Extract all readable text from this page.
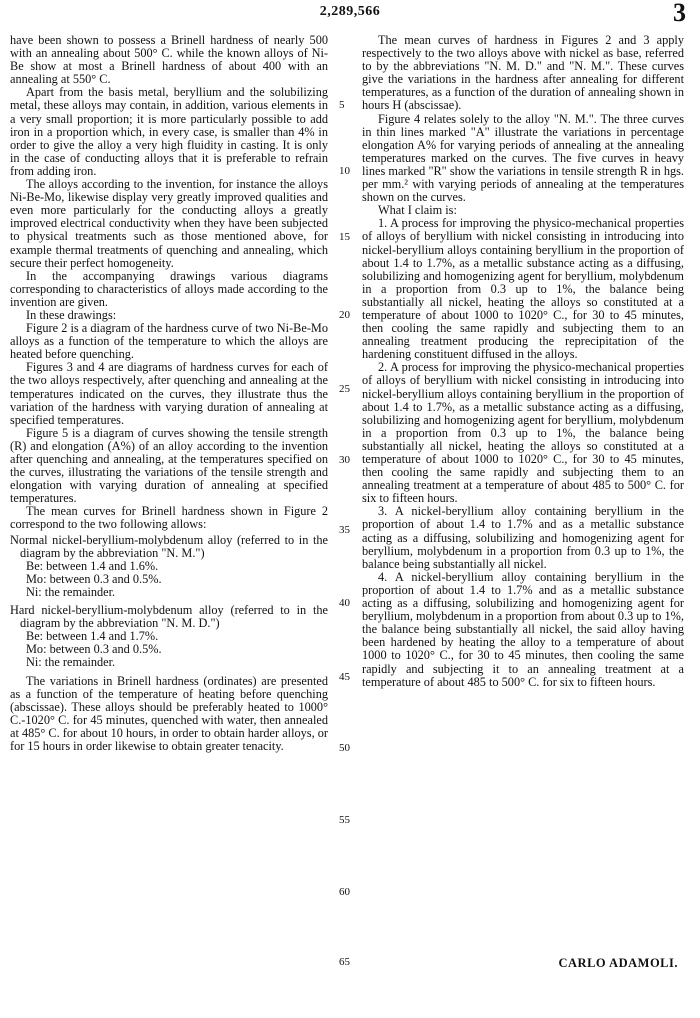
2,289,566	3

have been shown to possess a Brinell hardness of nearly 500 with an annealing about 500° C. while the known alloys of Ni-Be show at most a Brinell hardness of about 400 with an annealing at 550° C.

Apart from the basis metal, beryllium and the solubilizing metal, these alloys may contain, in addition, various elements in a very small proportion; it is more particularly possible to add iron in a proportion which, in every case, is smaller than 4% in order to give the alloy a very high fluidity in casting. It is only in the case of conducting alloys that it is preferable to refrain from adding iron.

The alloys according to the invention, for instance the alloys Ni-Be-Mo, likewise display very greatly improved qualities and even more particularly for the conducting alloys a greatly improved electrical conductivity when they have been subjected to physical treatments such as those mentioned above, for example thermal treatments of quenching and annealing, which secure their perfect homogeneity.

In the accompanying drawings various diagrams corresponding to characteristics of alloys made according to the invention are given.

In these drawings:

Figure 2 is a diagram of the hardness curve of two Ni-Be-Mo alloys as a function of the temperature to which the alloys are heated before quenching.

Figures 3 and 4 are diagrams of hardness curves for each of the two alloys respectively, after quenching and annealing at the temperatures indicated on the curves, they illustrate thus the variation of the hardness with varying duration of annealing at specified temperatures.

Figure 5 is a diagram of curves showing the tensile strength (R) and elongation (A%) of an alloy according to the invention after quenching and annealing, at the temperatures specified on the curves, illustrating the variations of the tensile strength and elongation with varying duration of annealing at specified temperatures.

The mean curves for Brinell hardness shown in Figure 2 correspond to the two following allows:

Normal nickel-beryllium-molybdenum alloy (referred to in the diagram by the abbreviation "N. M.")

Be: between 1.4 and 1.6%.

Mo: between 0.3 and 0.5%.

Ni: the remainder.

Hard nickel-beryllium-molybdenum alloy (referred to in the diagram by the abbreviation "N. M. D.")

Be: between 1.4 and 1.7%.

Mo: between 0.3 and 0.5%.

Ni: the remainder.

The variations in Brinell hardness (ordinates) are presented as a function of the temperature of heating before quenching (abscissae). These alloys should be preferably heated to 1000° C.-1020° C. for 45 minutes, quenched with water, then annealed at 485° C. for about 10 hours, in order to obtain harder alloys, or for 15 hours in order likewise to obtain greater tenacity.

5
10
15
20
25
30
35
40
45
50
55
60
65

The mean curves of hardness in Figures 2 and 3 apply respectively to the two alloys above with nickel as base, referred to by the abbreviations "N. M. D." and "N. M.". These curves give the variations in the hardness after annealing for different temperatures, as a function of the duration of annealing shown in hours H (abscissae).

Figure 4 relates solely to the alloy "N. M.". The three curves in thin lines marked "A" illustrate the variations in percentage elongation A% for varying periods of annealing at the annealing temperatures marked on the curves. The five curves in heavy lines marked "R" show the variations in tensile strength R in hgs. per mm.² with varying periods of annealing at the temperatures shown on the curves.

What I claim is:

1. A process for improving the physico-mechanical properties of alloys of beryllium with nickel consisting in introducing into nickel-beryllium alloys containing beryllium in the proportion of about 1.4 to 1.7%, as a metallic substance acting as a diffusing, solubilizing and homogenizing agent for beryllium, molybdenum in a proportion from 0.3 up to 1%, the balance being substantially all nickel, heating the alloys so constituted at a temperature of about 1000 to 1020° C., for 30 to 45 minutes, then cooling the same rapidly and subjecting them to an annealing treatment producing the reprecipitation of the hardening constituent diffused in the alloys.

2. A process for improving the physico-mechanical properties of alloys of beryllium with nickel consisting in introducing into nickel-beryllium alloys containing beryllium in the proportion of about 1.4 to 1.7%, as a metallic substance acting as a diffusing, solubilizing and homogenizing agent for beryllium, molybdenum in a proportion from 0.3 up to 1%, the balance being substantially all nickel, heating the alloys so constituted at a temperature of about 1000 to 1020° C., for 30 to 45 minutes, then cooling the same rapidly and subjecting them to an annealing treatment at a temperature of about 485 to 500° C. for six to fifteen hours.

3. A nickel-beryllium alloy containing beryllium in the proportion of about 1.4 to 1.7% and as a metallic substance acting as a diffusing, solubilizing and homogenizing agent for beryllium, molybdenum in a proportion from 0.3 up to 1%, the balance being substantially all nickel.

4. A nickel-beryllium alloy containing beryllium in the proportion of about 1.4 to 1.7% and as a metallic substance acting as a diffusing, solubilizing and homogenizing agent for beryllium, molybdenum in a proportion from about 0.3 up to 1%, the balance being substantially all nickel, the said alloy having been hardened by heating the alloy to a temperature of about 1000 to 1020° C., for 30 to 45 minutes, then cooling the same rapidly and subjecting it to an annealing treatment at a temperature of about 485 to 500° C. for six to fifteen hours.

CARLO ADAMOLI.
